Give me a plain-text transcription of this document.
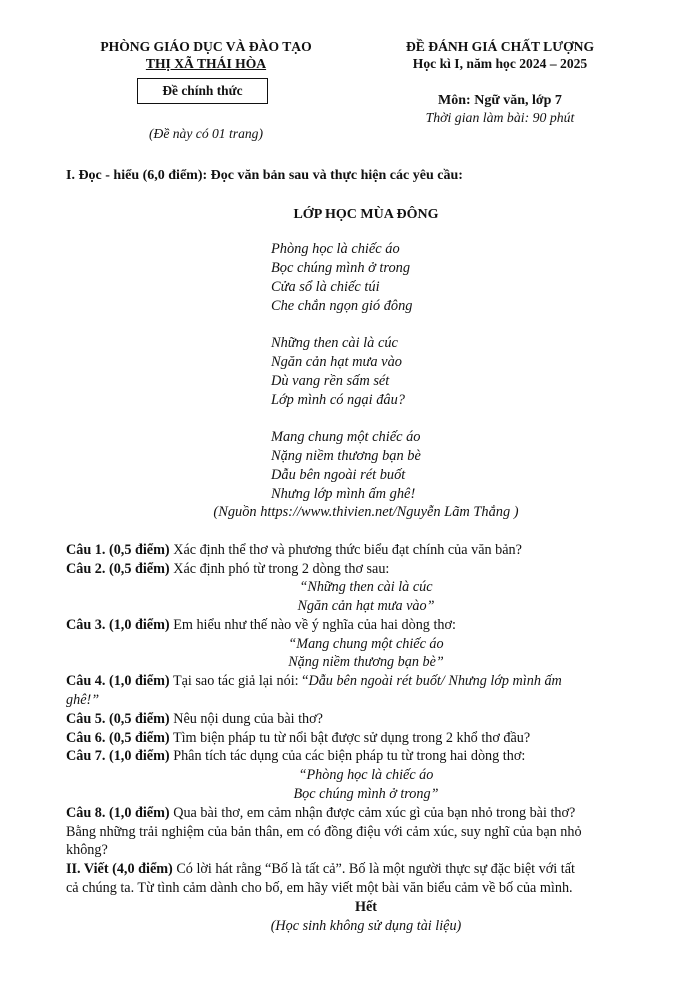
PHÒNG GIÁO DỤC VÀ ĐÀO TẠO
THỊ XÃ THÁI HÒA
Đề chính thức
(Đề này có 01 trang)
ĐỀ ĐÁNH GIÁ CHẤT LƯỢNG
Học kì I, năm học 2024 – 2025
Môn: Ngữ văn, lớp 7
Thời gian làm bài: 90 phút
I. Đọc - hiểu (6,0 điểm): Đọc văn bản sau và thực hiện các yêu cầu:
LỚP HỌC MÙA ĐÔNG
Phòng học là chiếc áo
Bọc chúng mình ở trong
Cửa sổ là chiếc túi
Che chắn ngọn gió đông
Những then cài là cúc
Ngăn cản hạt mưa vào
Dù vang rền sấm sét
Lớp mình có ngại đâu?
Mang chung một chiếc áo
Nặng niềm thương bạn bè
Dẫu bên ngoài rét buốt
Nhưng lớp mình ấm ghê!
(Nguồn https://www.thivien.net/Nguyễn Lãm Thắng )
Câu 1. (0,5 điểm) Xác định thể thơ và phương thức biểu đạt chính của văn bản?
Câu 2. (0,5 điểm) Xác định phó từ trong 2 dòng thơ sau:
“Những then cài là cúc
Ngăn cản hạt mưa vào”
Câu 3. (1,0 điểm) Em hiểu như thế nào về ý nghĩa của hai dòng thơ:
“Mang chung một chiếc áo
Nặng niềm thương bạn bè”
Câu 4. (1,0 điểm) Tại sao tác giả lại nói: “Dẫu bên ngoài rét buốt/ Nhưng lớp mình ấm
ghê!”
Câu 5. (0,5 điểm) Nêu nội dung của bài thơ?
Câu 6. (0,5 điểm) Tìm biện pháp tu từ nổi bật được sử dụng trong 2 khổ thơ đầu?
Câu 7. (1,0 điểm) Phân tích tác dụng của các biện pháp tu từ trong hai dòng thơ:
“Phòng học là chiếc áo
Bọc chúng mình ở trong”
Câu 8. (1,0 điểm) Qua bài thơ, em cảm nhận được cảm xúc gì của bạn nhỏ trong bài thơ?
Bằng những trải nghiệm của bản thân, em có đồng điệu với cảm xúc, suy nghĩ của bạn nhỏ
không?
II. Viết (4,0 điểm) Có lời hát rằng “Bố là tất cả”. Bố là một người thực sự đặc biệt với tất
cả chúng ta. Từ tình cảm dành cho bố, em hãy viết một bài văn biểu cảm về bố của mình.
Hết
(Học sinh không sử dụng tài liệu)
